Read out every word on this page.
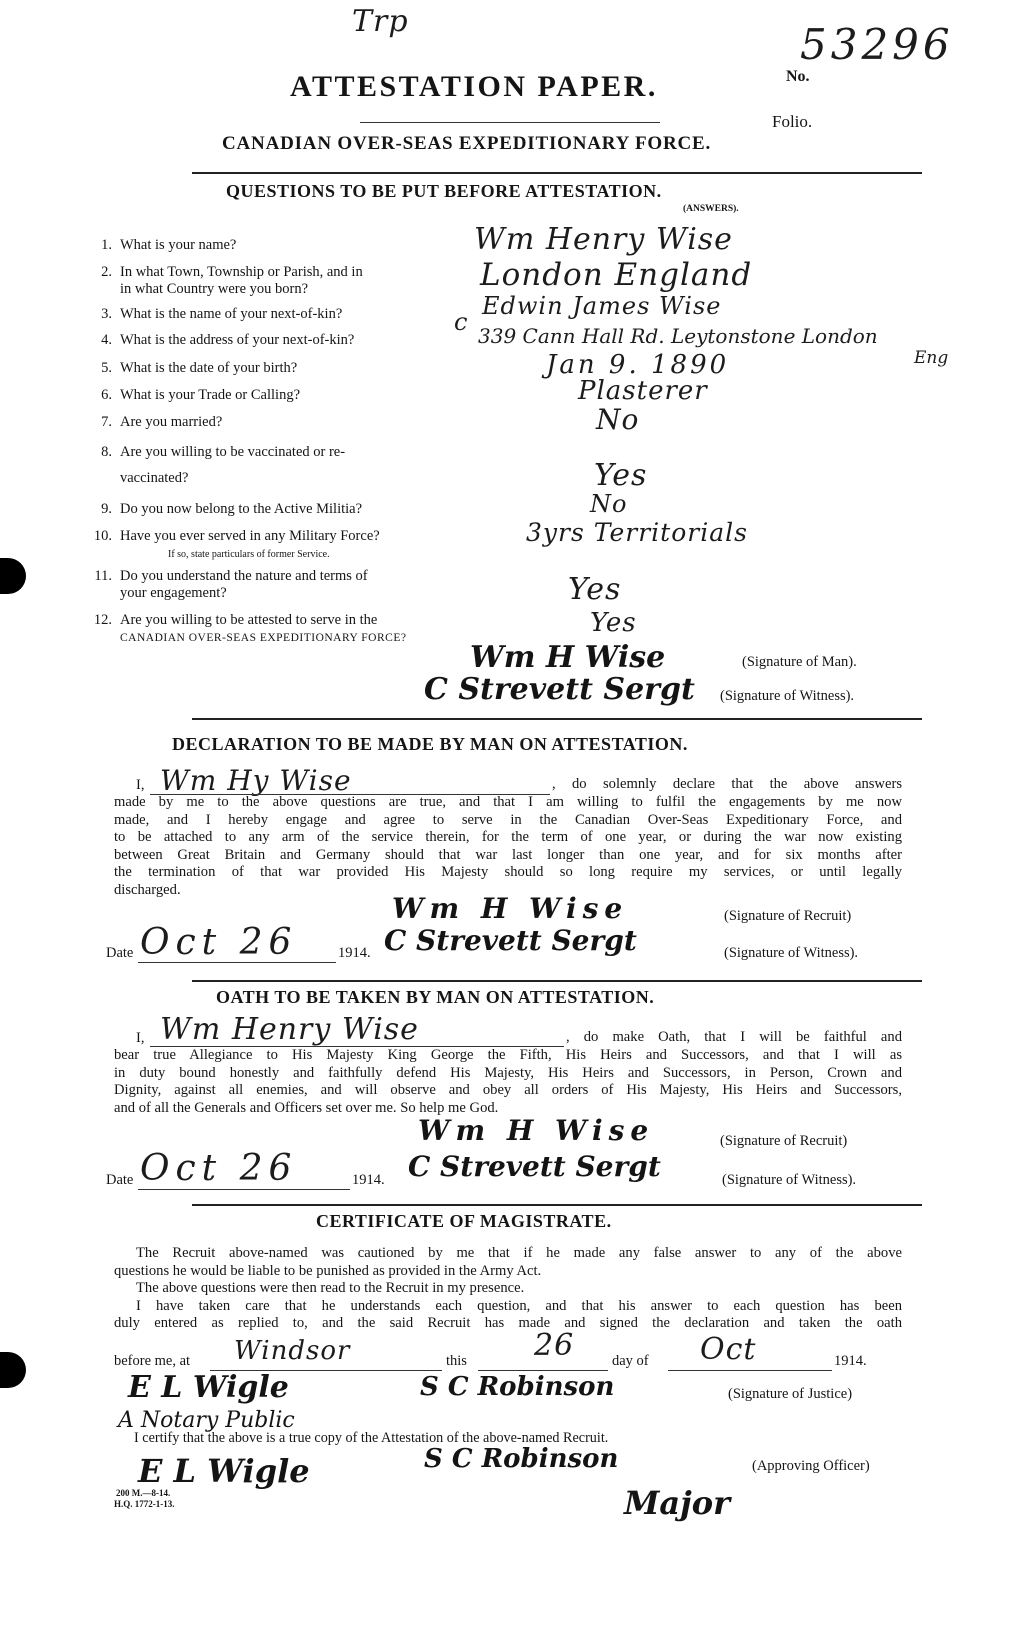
Trp	53296
No.
Folio.
ATTESTATION PAPER.
CANADIAN OVER-SEAS EXPEDITIONARY FORCE.
QUESTIONS TO BE PUT BEFORE ATTESTATION.
(ANSWERS).
1. What is your name?	Wm Henry Wise
2. In what Town, Township or Parish, and in
in what Country were you born?	London England
3. What is the name of your next-of-kin?	c
Edwin James Wise
4. What is the address of your next-of-kin?	339 Cann Hall Rd. Leytonstone London
Eng
5. What is the date of your birth?	Jan 9. 1890
6. What is your Trade or Calling?	Plasterer
7. Are you married?	No
8. Are you willing to be vaccinated or re-
vaccinated?	Yes
9. Do you now belong to the Active Militia?	No
10. Have you ever served in any Military Force?
If so, state particulars of former Service.
3yrs Territorials
11. Do you understand the nature and terms of
your engagement?	Yes
12. Are you willing to be attested to serve in the
CANADIAN OVER-SEAS EXPEDITIONARY FORCE?	Yes
Wm H Wise	(Signature of Man).
C Strevett Sergt (Signature of Witness).
DECLARATION TO BE MADE BY MAN ON ATTESTATION.
I, Wm Hy Wise	, do solemnly declare that the above answers
made by me to the above questions are true, and that I am willing to fulfil the engagements by me now
made, and I hereby engage and agree to serve in the Canadian Over-Seas Expeditionary Force, and
to be attached to any arm of the service therein, for the term of one year, or during the war now existing
between Great Britain and Germany should that war last longer than one year, and for six months after
the termination of that war provided His Majesty should so long require my services, or until legally
discharged.
Wm H Wise	(Signature of Recruit)
Date Oct 26	1914. C Strevett Sergt	(Signature of Witness).
OATH TO BE TAKEN BY MAN ON ATTESTATION.
I, Wm Henry Wise	, do make Oath, that I will be faithful and
bear true Allegiance to His Majesty King George the Fifth, His Heirs and Successors, and that I will as
in duty bound honestly and faithfully defend His Majesty, His Heirs and Successors, in Person, Crown and
Dignity, against all enemies, and will observe and obey all orders of His Majesty, His Heirs and Successors,
and of all the Generals and Officers set over me. So help me God.
Wm H Wise	(Signature of Recruit)
Date Oct 26	1914. C Strevett Sergt	(Signature of Witness).
CERTIFICATE OF MAGISTRATE.
The Recruit above-named was cautioned by me that if he made any false answer to any of the above
questions he would be liable to be punished as provided in the Army Act.
The above questions were then read to the Recruit in my presence.
I have taken care that he understands each question, and that his answer to each question has been
duly entered as replied to, and the said Recruit has made and signed the declaration and taken the oath
before me, at Windsor	this 26	day of Oct	1914.
E L Wigle
A Notary Public
S C Robinson	(Signature of Justice)
I certify that the above is a true copy of the Attestation of the above-named Recruit.
E L Wigle	S C Robinson	(Approving Officer)
Major
200 M.—8-14.
H.Q. 1772-1-13.
